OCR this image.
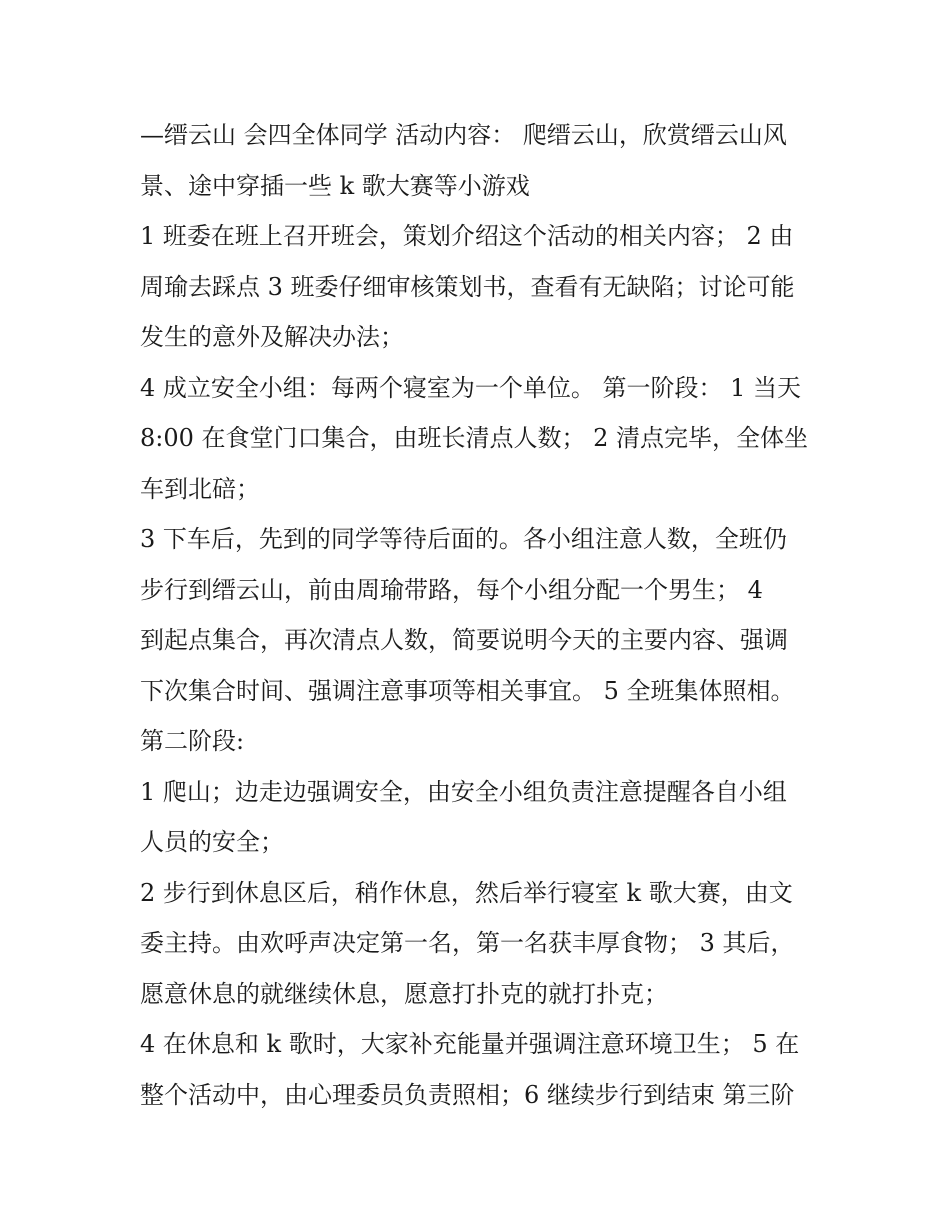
—缙云山 会四全体同学 活动内容： 爬缙云山，欣赏缙云山风
景、途中穿插一些 k 歌大赛等小游戏
1 班委在班上召开班会，策划介绍这个活动的相关内容； 2 由
周瑜去踩点 3 班委仔细审核策划书，查看有无缺陷；讨论可能
发生的意外及解决办法；
4 成立安全小组：每两个寝室为一个单位。 第一阶段： 1 当天
8:00 在食堂门口集合，由班长清点人数； 2 清点完毕，全体坐
车到北碚；
3 下车后，先到的同学等待后面的。各小组注意人数，全班仍
步行到缙云山，前由周瑜带路，每个小组分配一个男生； 4
到起点集合，再次清点人数，简要说明今天的主要内容、强调
下次集合时间、强调注意事项等相关事宜。 5 全班集体照相。
第二阶段:
1 爬山；边走边强调安全，由安全小组负责注意提醒各自小组
人员的安全；
2 步行到休息区后，稍作休息，然后举行寝室 k 歌大赛，由文
委主持。由欢呼声决定第一名，第一名获丰厚食物； 3 其后，
愿意休息的就继续休息，愿意打扑克的就打扑克；
4 在休息和 k 歌时，大家补充能量并强调注意环境卫生； 5 在
整个活动中，由心理委员负责照相；6 继续步行到结束 第三阶
